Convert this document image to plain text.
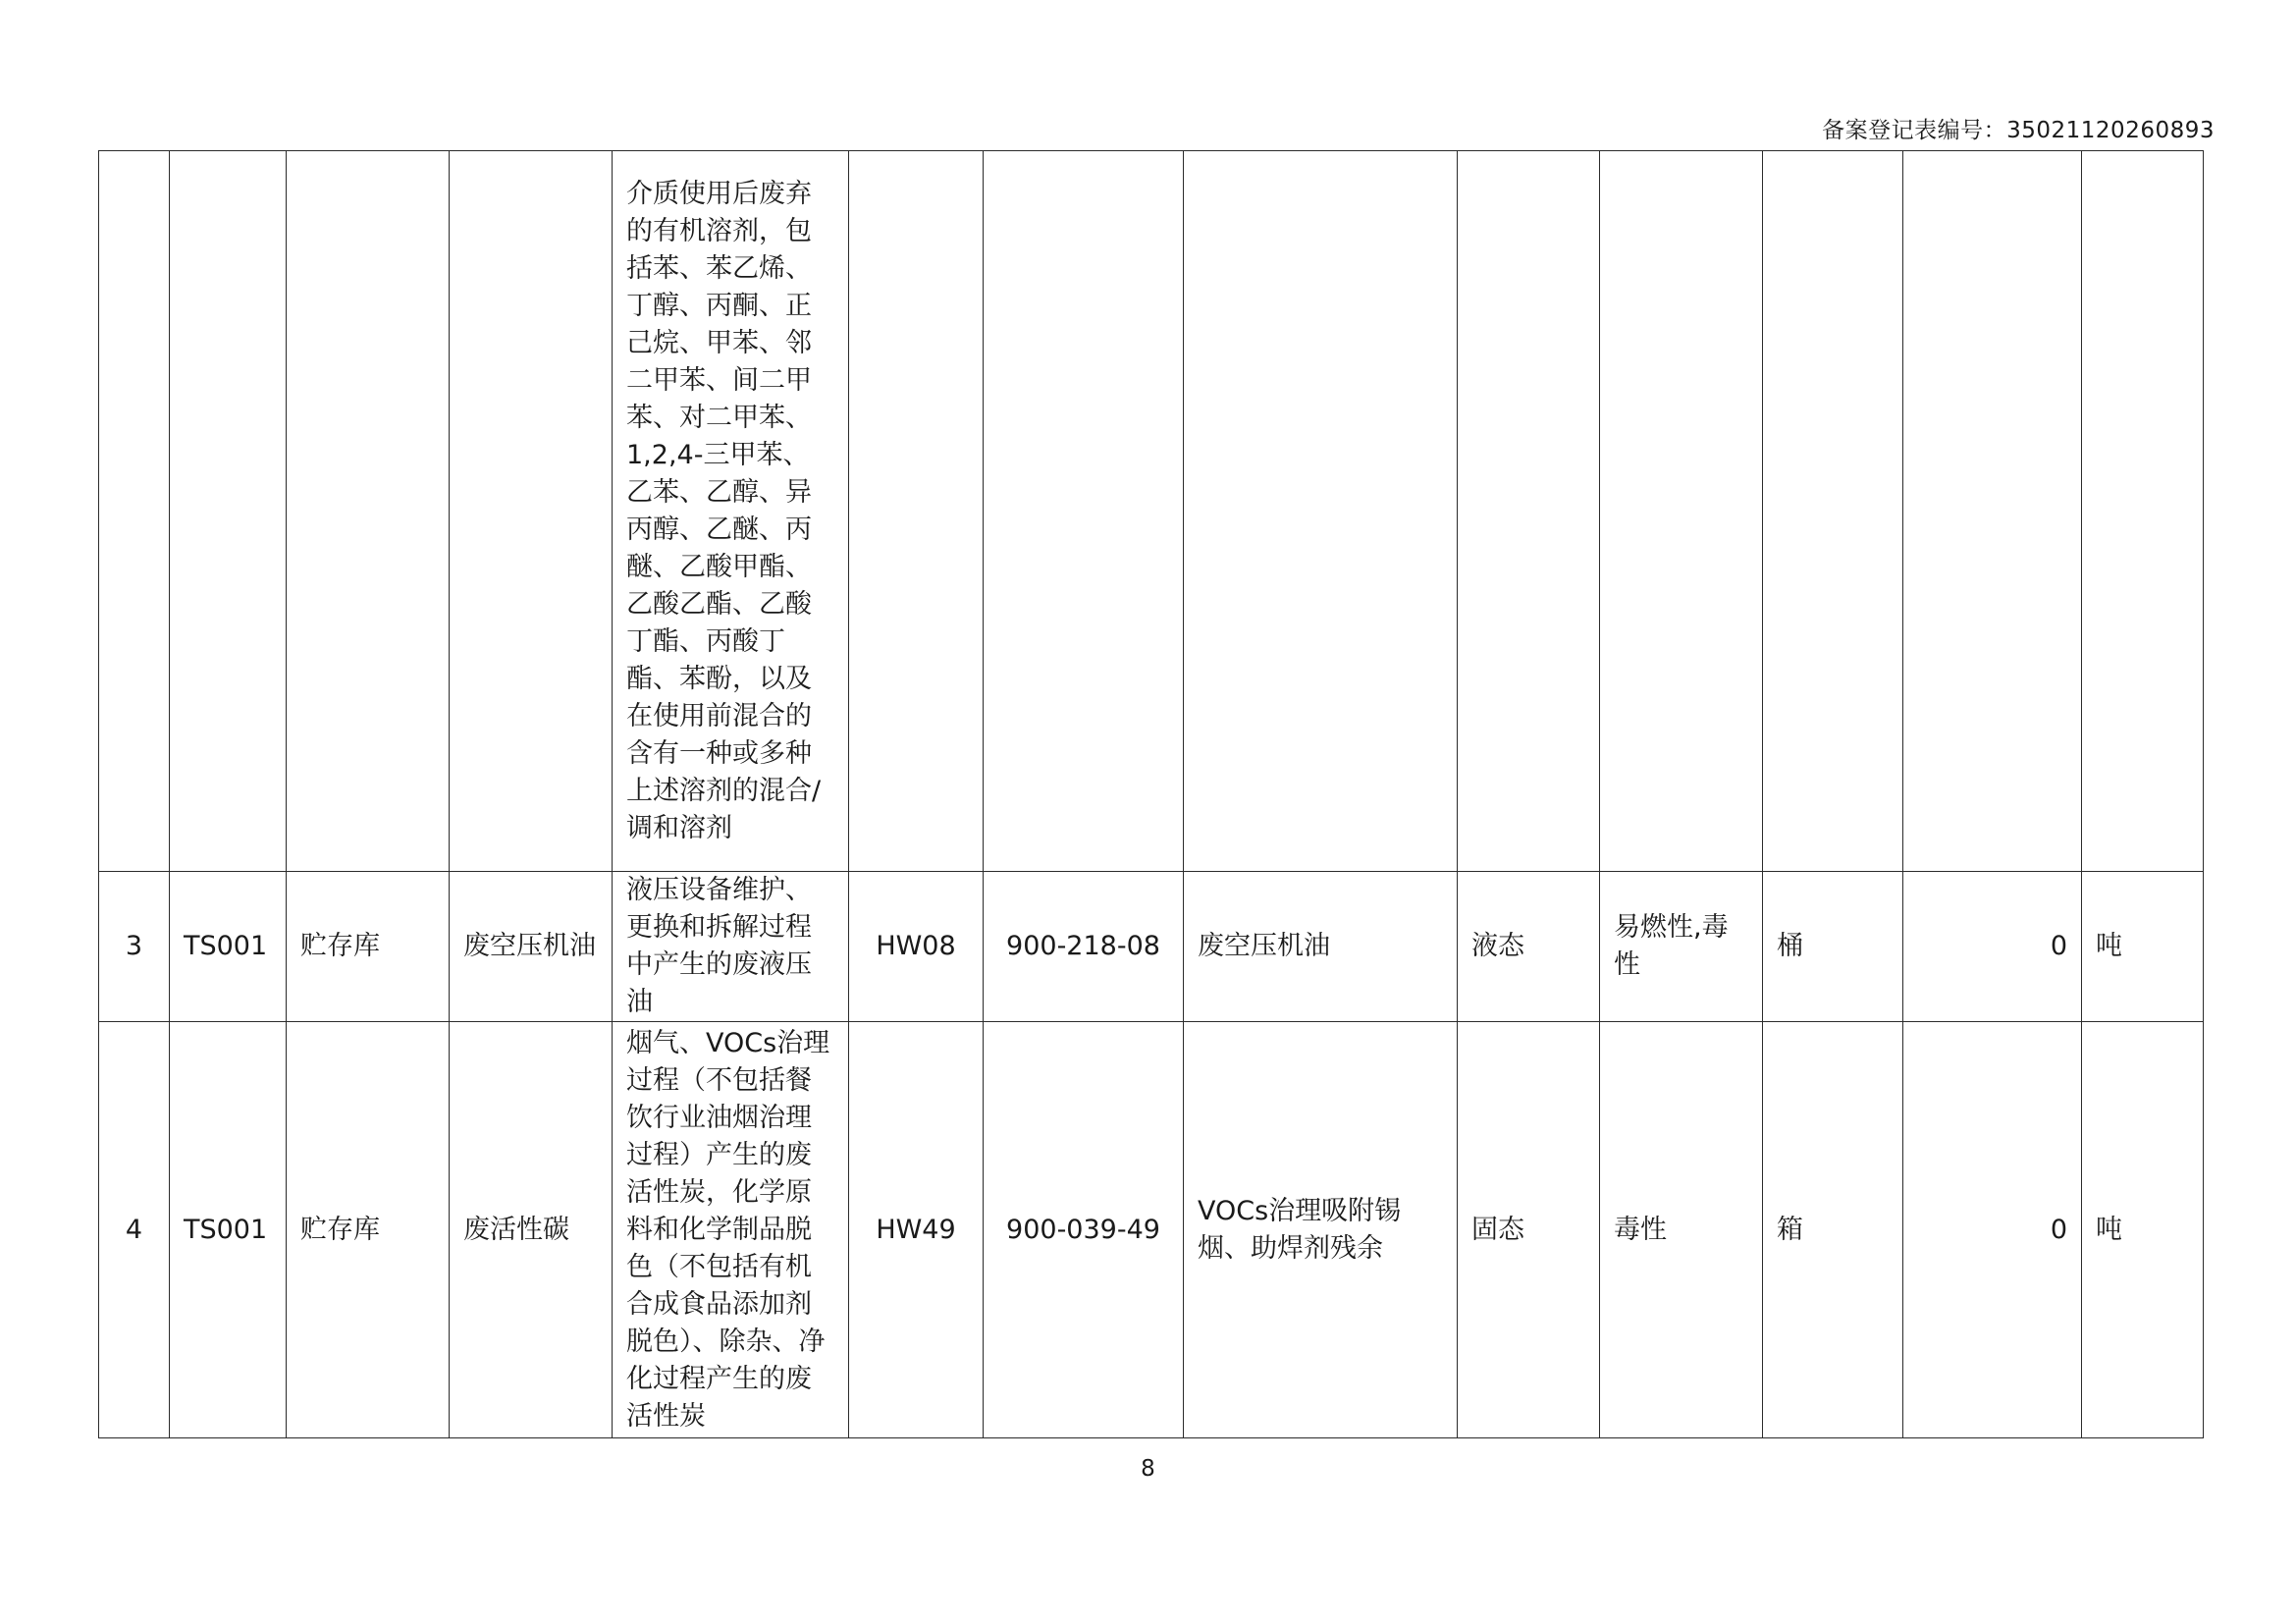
备案登记表编号：35021120260893

				介质使用后废弃的有机溶剂，包括苯、苯乙烯、丁醇、丙酮、正己烷、甲苯、邻二甲苯、间二甲苯、对二甲苯、1,2,4-三甲苯、乙苯、乙醇、异丙醇、乙醚、丙醚、乙酸甲酯、乙酸乙酯、乙酸丁酯、丙酸丁酯、苯酚，以及在使用前混合的含有一种或多种上述溶剂的混合/调和溶剂								

3	TS001	贮存库	废空压机油	液压设备维护、更换和拆解过程中产生的废液压油	HW08	900-218-08	废空压机油	液态	易燃性,毒性	桶	0	吨
4	TS001	贮存库	废活性碳	烟气、VOCs治理过程（不包括餐饮行业油烟治理过程）产生的废活性炭，化学原料和化学制品脱色（不包括有机合成食品添加剂脱色）、除杂、净化过程产生的废活性炭	HW49	900-039-49	VOCs治理吸附锡烟、助焊剂残余	固态	毒性	箱	0	吨
8
